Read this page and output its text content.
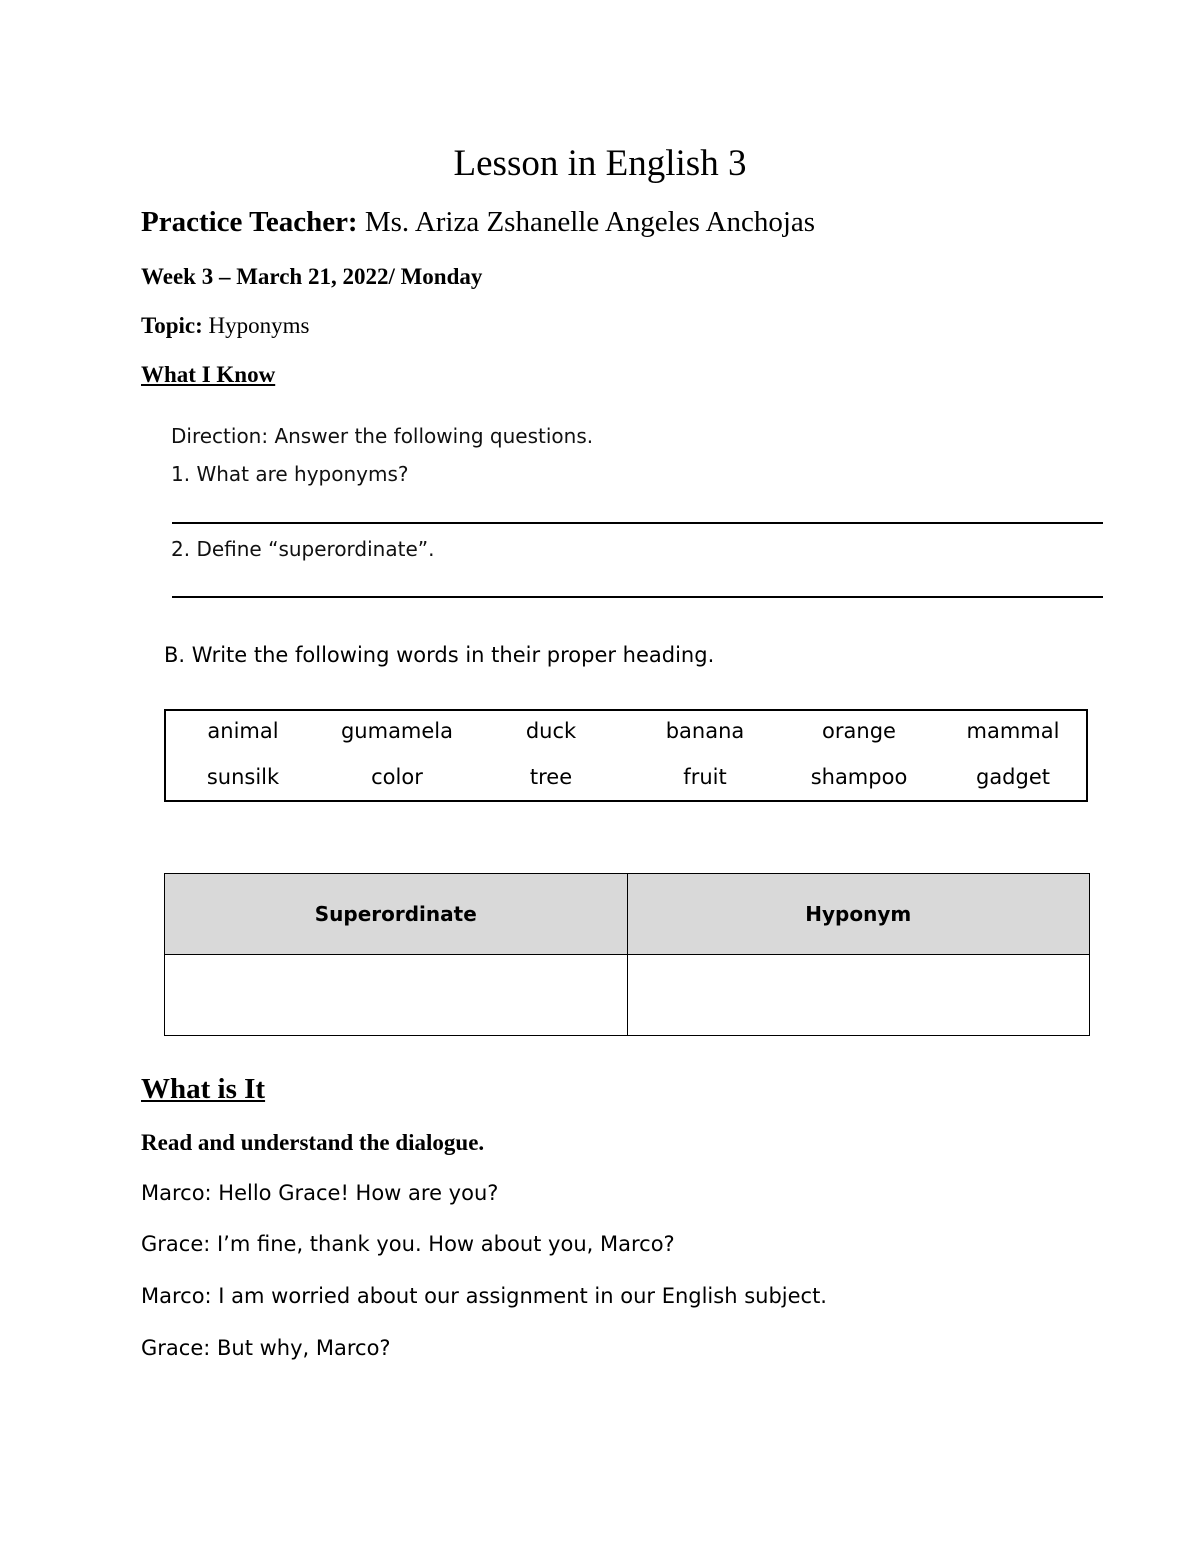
Lesson in English 3
Practice Teacher: Ms. Ariza Zshanelle Angeles Anchojas
Week 3 – March 21, 2022/ Monday
Topic: Hyponyms
What I Know
Direction: Answer the following questions.
1. What are hyponyms?
2. Define “superordinate”.
B. Write the following words in their proper heading.
animal	gumamela	duck	banana	orange	mammal
sunsilk	color	tree	fruit	shampoo	gadget
Superordinate	Hyponym

What is It
Read and understand the dialogue.
Marco: Hello Grace! How are you?
Grace: I’m fine, thank you. How about you, Marco?
Marco: I am worried about our assignment in our English subject.
Grace: But why, Marco?
